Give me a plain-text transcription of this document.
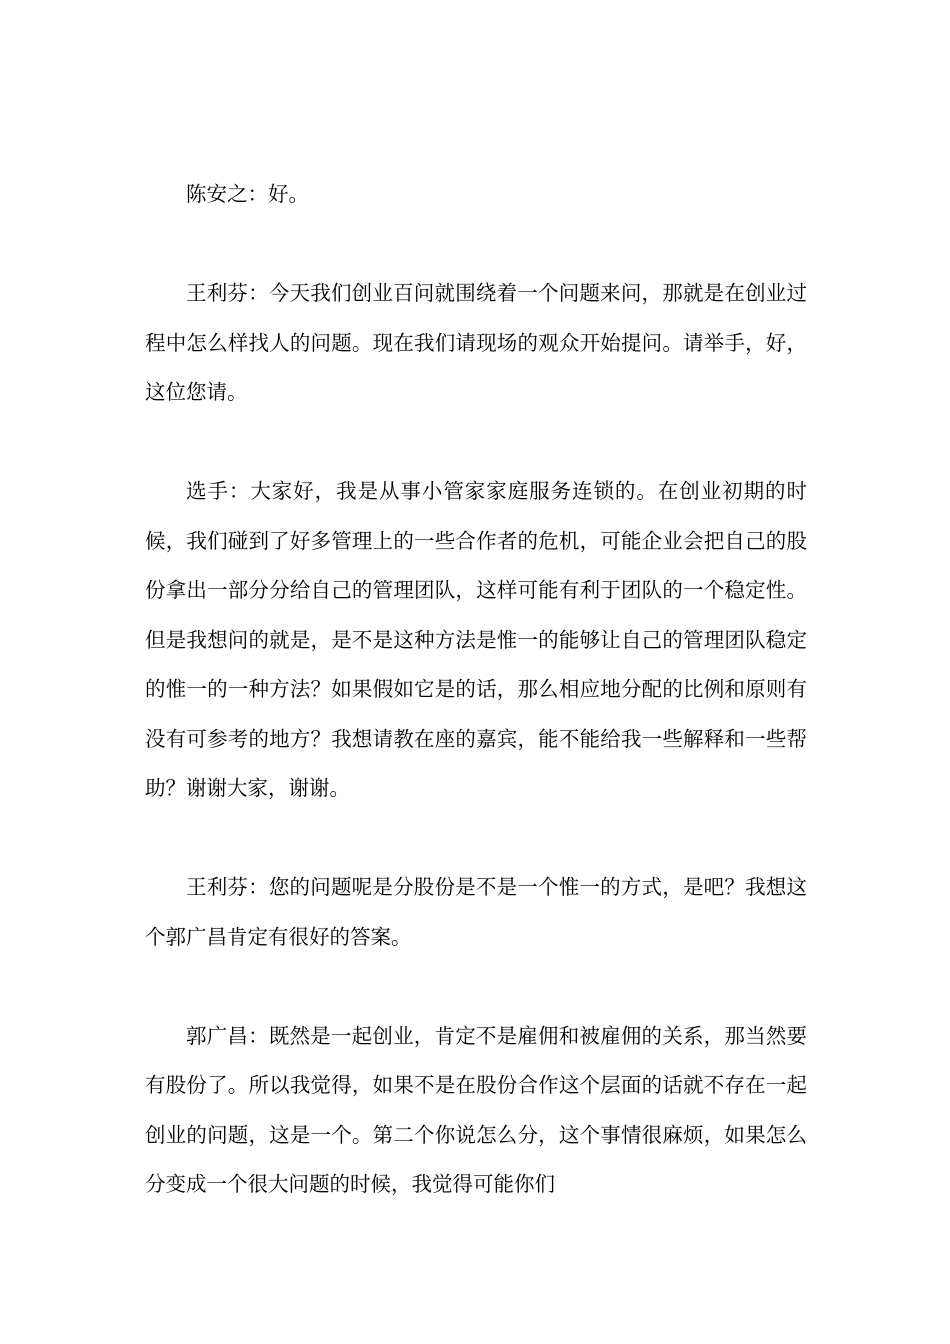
陈安之：好。

王利芬：今天我们创业百问就围绕着一个问题来问，那就是在创业过程中怎么样找人的问题。现在我们请现场的观众开始提问。请举手，好，这位您请。

选手：大家好，我是从事小管家家庭服务连锁的。在创业初期的时候，我们碰到了好多管理上的一些合作者的危机，可能企业会把自己的股份拿出一部分分给自己的管理团队，这样可能有利于团队的一个稳定性。但是我想问的就是，是不是这种方法是惟一的能够让自己的管理团队稳定的惟一的一种方法？如果假如它是的话，那么相应地分配的比例和原则有没有可参考的地方？我想请教在座的嘉宾，能不能给我一些解释和一些帮助？谢谢大家，谢谢。

王利芬：您的问题呢是分股份是不是一个惟一的方式，是吧？我想这个郭广昌肯定有很好的答案。

郭广昌：既然是一起创业，肯定不是雇佣和被雇佣的关系，那当然要有股份了。所以我觉得，如果不是在股份合作这个层面的话就不存在一起创业的问题，这是一个。第二个你说怎么分，这个事情很麻烦，如果怎么分变成一个很大问题的时候，我觉得可能你们
